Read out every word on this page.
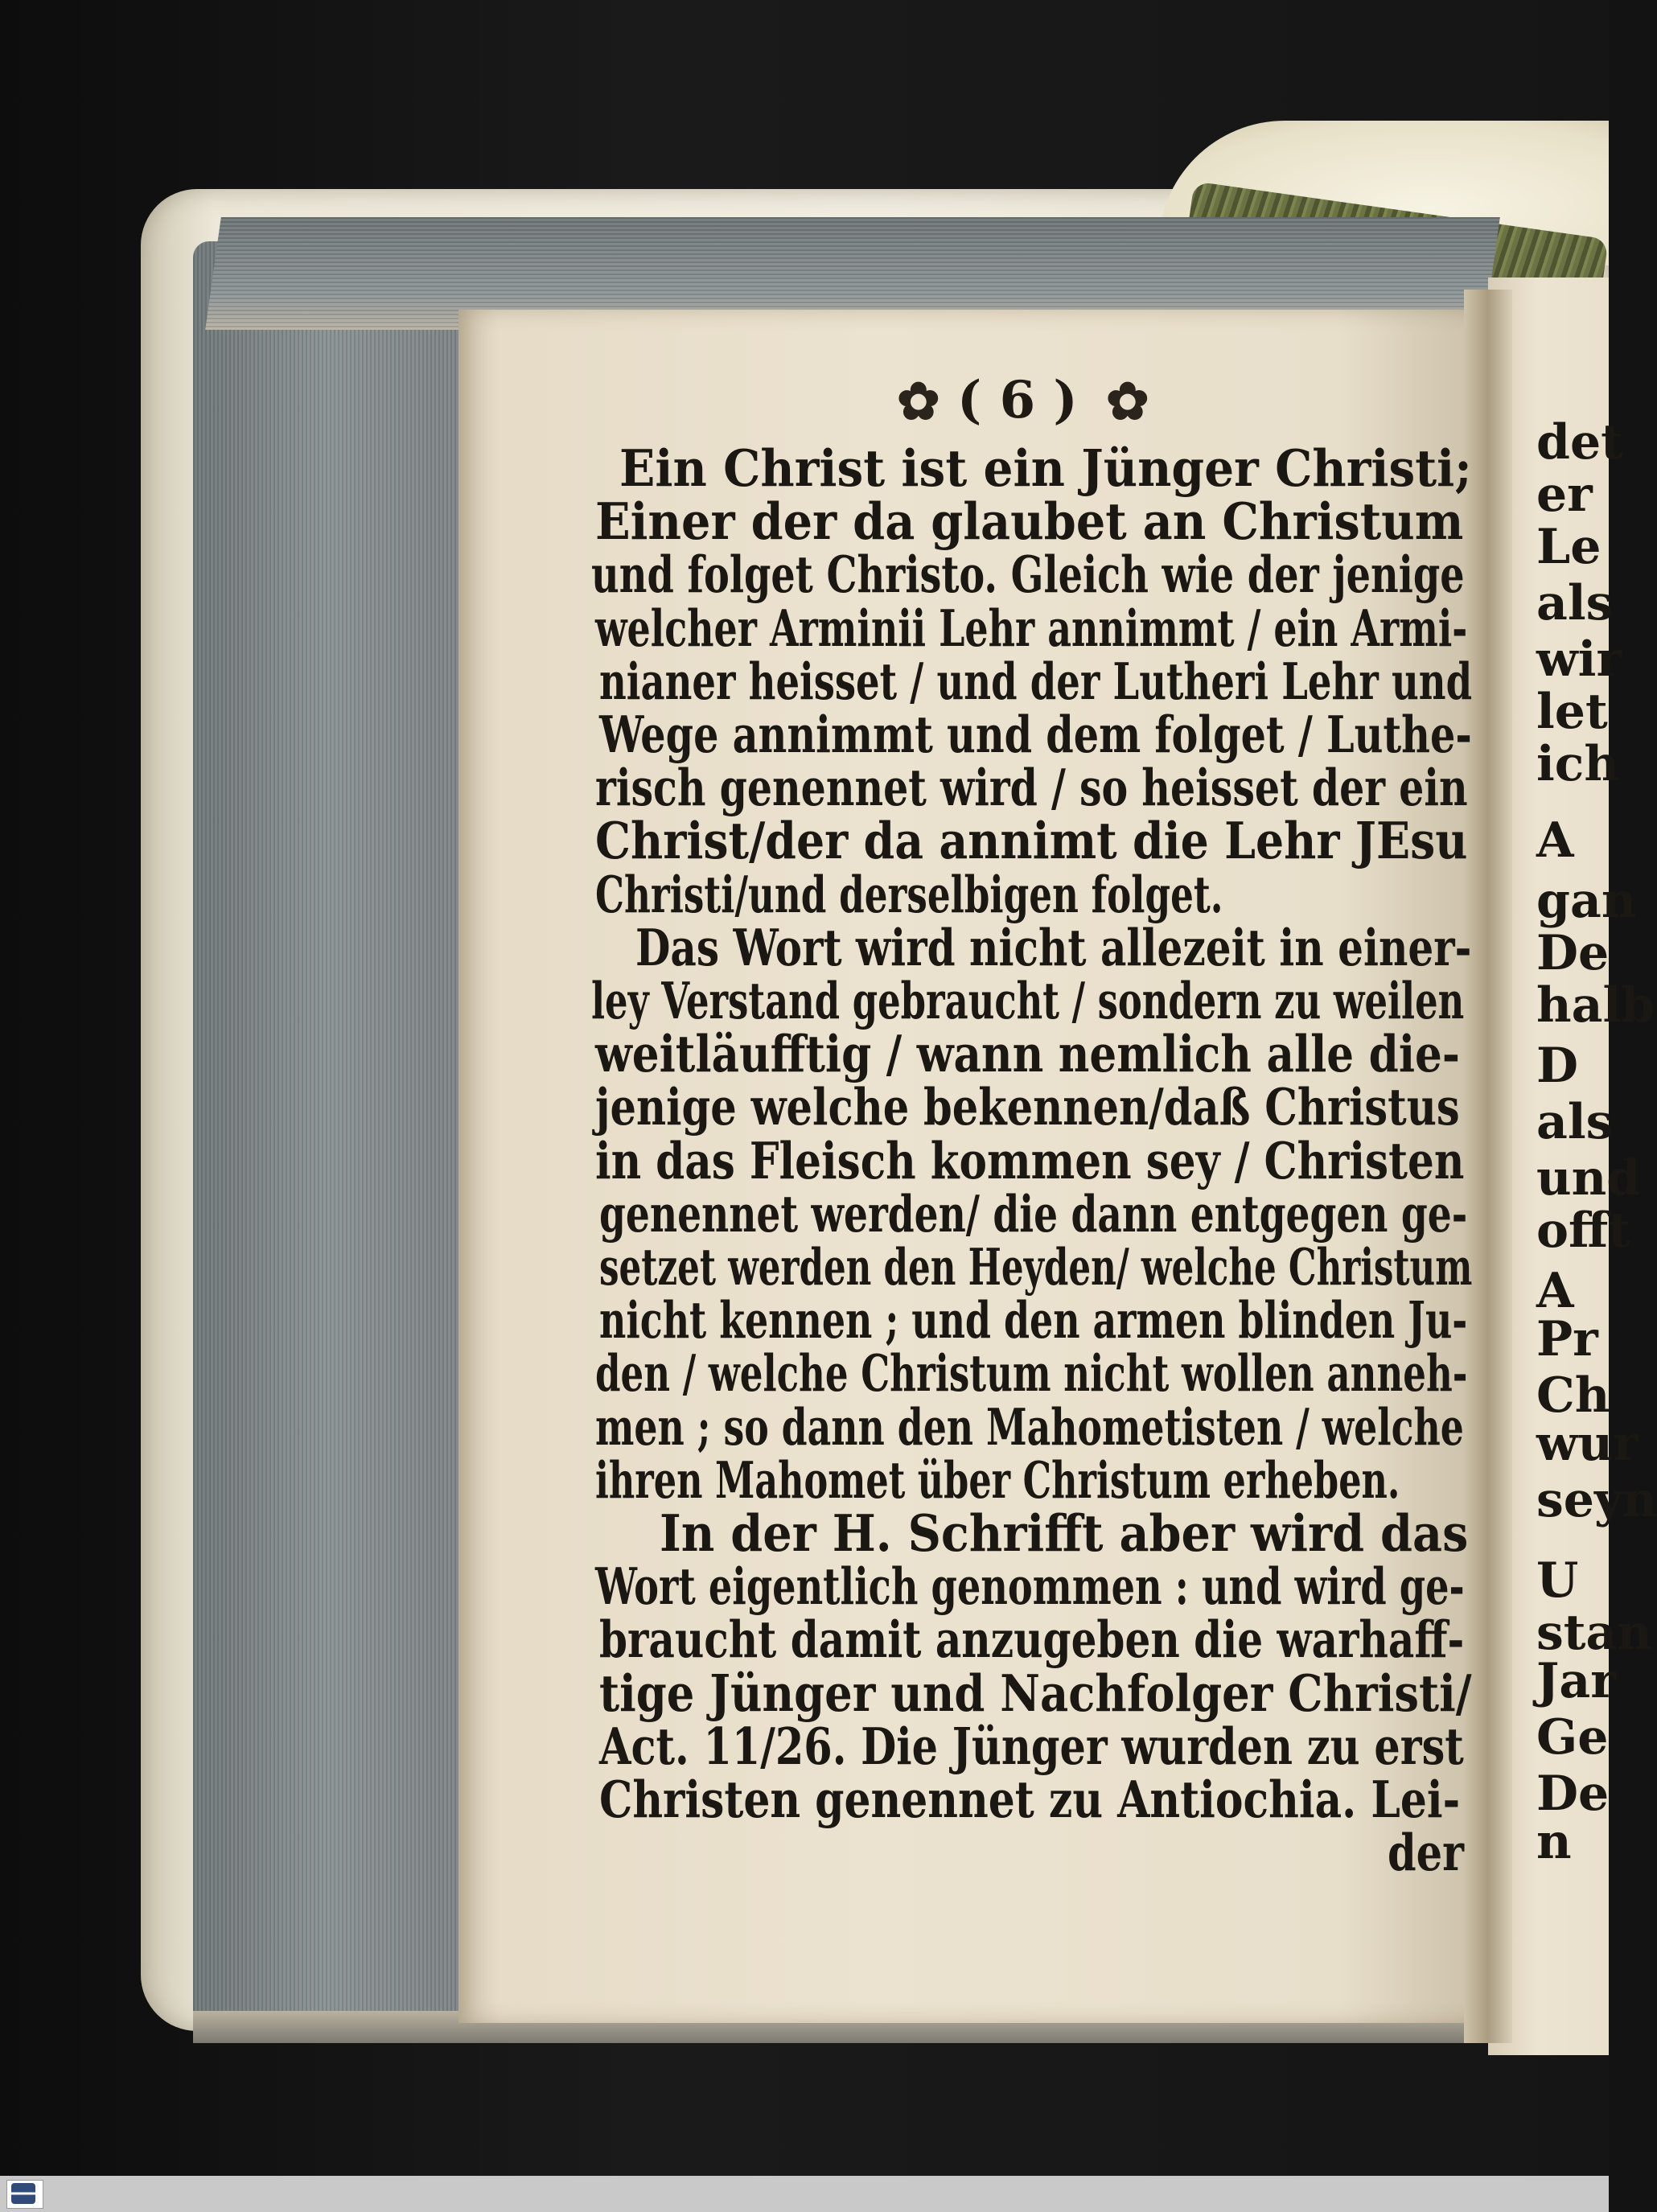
✿ ( 6 ) ✿
Ein Christ ist ein Jünger Christi;
Einer der da glaubet an Christum
und folget Christo. Gleich wie der jenige
welcher Arminii Lehr annimmt / ein Armi-
nianer heisset / und der Lutheri Lehr und
Wege annimmt und dem folget / Luthe-
risch genennet wird / so heisset der ein
Christ/der da annimt die Lehr JEsu
Christi/und derselbigen folget.
Das Wort wird nicht allezeit in einer-
ley Verstand gebraucht / sondern zu weilen
weitläufftig / wann nemlich alle die-
jenige welche bekennen/daß Christus
in das Fleisch kommen sey / Christen
genennet werden/ die dann entgegen ge-
setzet werden den Heyden/ welche Christum
nicht kennen ; und den armen blinden Ju-
den / welche Christum nicht wollen anneh-
men ; so dann den Mahometisten / welche
ihren Mahomet über Christum erheben.
In der H. Schrifft aber wird das
Wort eigentlich genommen : und wird ge-
braucht damit anzugeben die warhaff-
tige Jünger und Nachfolger Christi/
Act. 11/26. Die Jünger wurden zu erst
Christen genennet zu Antiochia. Lei-
der
det
er
Le
als
wir
let
ich
A
gan
De
halb
D
als
und
offt
A
Pr
Ch
wur
seyn
U
stan
Jar
Ge
De
n
